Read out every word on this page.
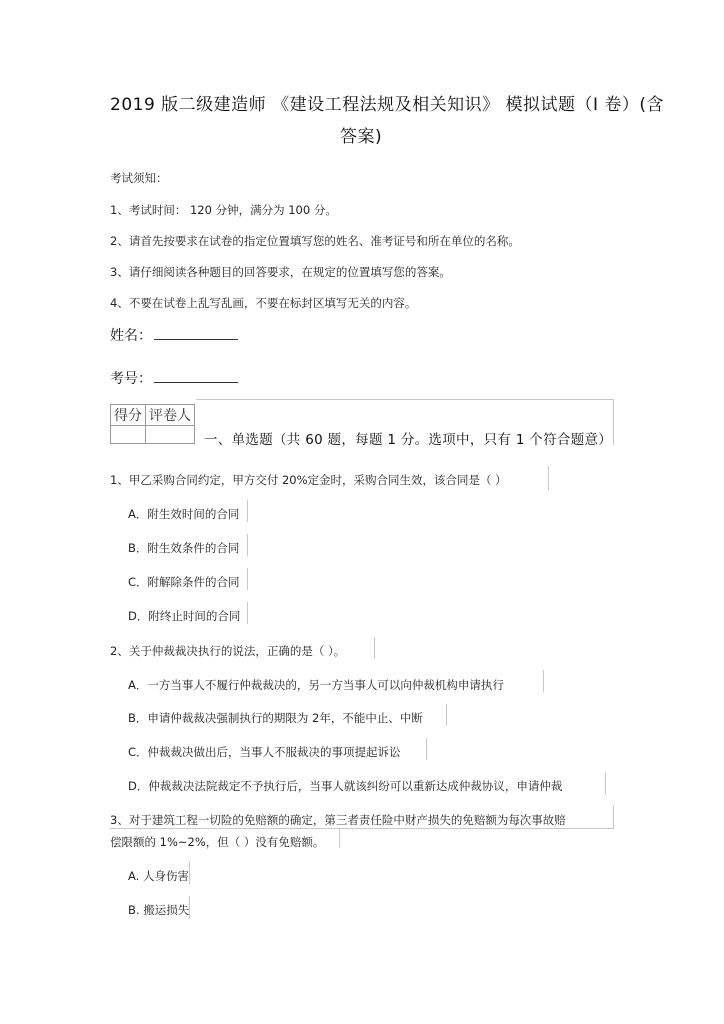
2019 版二级建造师 《建设工程法规及相关知识》 模拟试题（I 卷）(含
答案)
考试须知：
1、考试时间： 120 分钟，满分为 100 分。
2、请首先按要求在试卷的指定位置填写您的姓名、准考证号和所在单位的名称。
3、请仔细阅读各种题目的回答要求，在规定的位置填写您的答案。
4、不要在试卷上乱写乱画，不要在标封区填写无关的内容。
姓名：
考号：
得分	评卷人

一、单选题（共 60 题，每题 1 分。选项中，只有 1 个符合题意）
1、甲乙采购合同约定，甲方交付 20%定金时，采购合同生效，该合同是（ ）
A．附生效时间的合同
B．附生效条件的合同
C．附解除条件的合同
D．附终止时间的合同
2、关于仲裁裁决执行的说法，正确的是（ ）。
A．一方当事人不履行仲裁裁决的，另一方当事人可以向仲裁机构申请执行
B．申请仲裁裁决强制执行的期限为 2年，不能中止、中断
C．仲裁裁决做出后，当事人不服裁决的事项提起诉讼
D．仲裁裁决法院裁定不予执行后，当事人就该纠纷可以重新达成仲裁协议，申请仲裁
3、对于建筑工程一切险的免赔额的确定，第三者责任险中财产损失的免赔额为每次事故赔
偿限额的 1%~2%，但（ ）没有免赔额。
A. 人身伤害
B. 搬运损失
